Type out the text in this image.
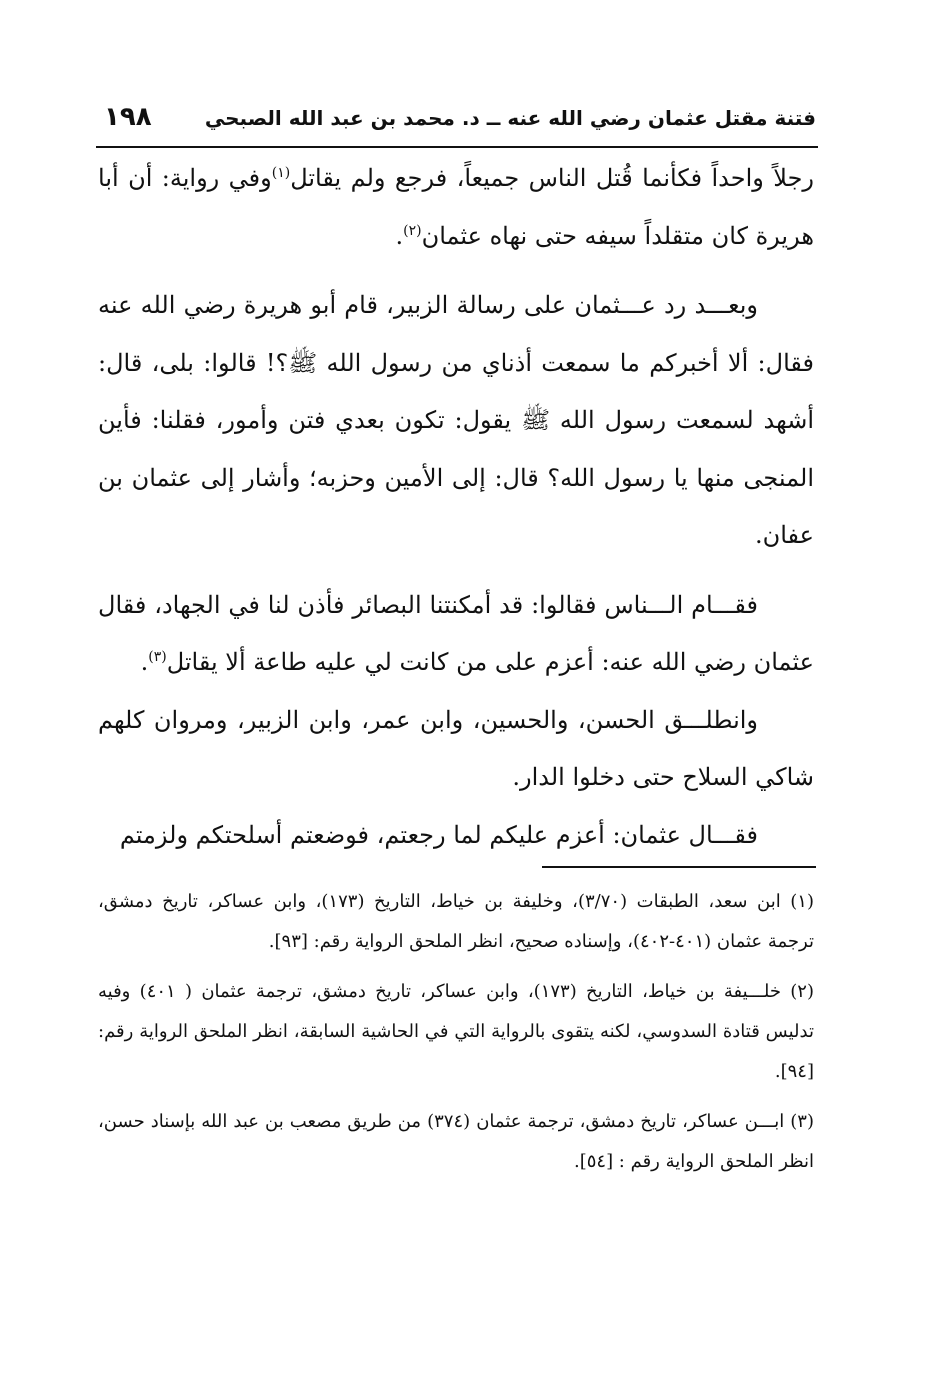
فتنة مقتل عثمان رضي الله عنه ــ د. محمد بن عبد الله الصبحي
١٩٨

رجلاً واحداً فكأنما قُتل الناس جميعاً، فرجع ولم يقاتل$^{(١)}$وفي رواية: أن أبا هريرة كان متقلداً سيفه حتى نهاه عثمان$^{(٢)}$.

وبعـــد رد عـــثمان على رسالة الزبير، قام أبو هريرة رضي الله عنه فقال: ألا أخبركم ما سمعت أذناي من رسول الله ﷺ؟! قالوا: بلى، قال: أشهد لسمعت رسول الله ﷺ يقول: تكون بعدي فتن وأمور، فقلنا: فأين المنجى منها يا رسول الله؟ قال: إلى الأمين وحزبه؛ وأشار إلى عثمان بن عفان.

فقـــام الـــناس فقالوا: قد أمكنتنا البصائر فأذن لنا في الجهاد، فقال عثمان رضي الله عنه: أعزم على من كانت لي عليه طاعة ألا يقاتل$^{(٣)}$.

وانطلـــق الحسن، والحسين، وابن عمر، وابن الزبير، ومروان كلهم شاكي السلاح حتى دخلوا الدار.

فقـــال عثمان: أعزم عليكم لما رجعتم، فوضعتم أسلحتكم ولزمتم

(١) ابن سعد، الطبقات (٣/٧٠)، وخليفة بن خياط، التاريخ (١٧٣)، وابن عساكر، تاريخ دمشق، ترجمة عثمان (٤٠١-٤٠٢)، وإسناده صحيح، انظر الملحق الرواية رقم: [٩٣].

(٢) خلـــيفة بن خياط، التاريخ (١٧٣)، وابن عساكر، تاريخ دمشق، ترجمة عثمان ( ٤٠١) وفيه تدليس قتادة السدوسي، لكنه يتقوى بالرواية التي في الحاشية السابقة، انظر الملحق الرواية رقم: [٩٤].

(٣) ابـــن عساكر، تاريخ دمشق، ترجمة عثمان (٣٧٤) من طريق مصعب بن عبد الله بإسناد حسن، انظر الملحق الرواية رقم : [٥٤].
